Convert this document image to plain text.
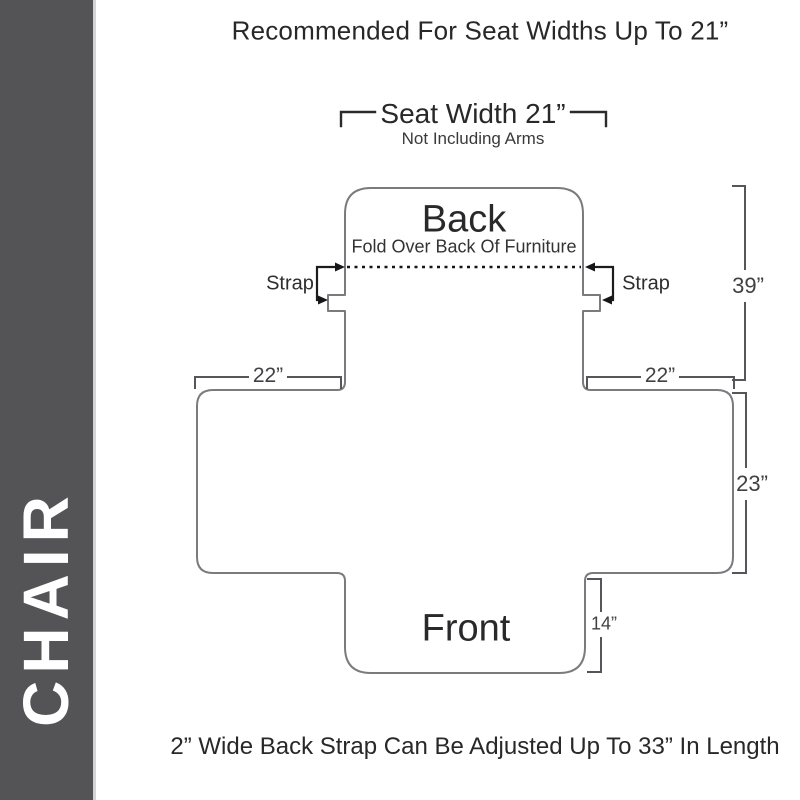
CHAIR
Recommended For Seat Widths Up To 21”
Seat Width 21”
Not Including Arms
Back
Fold Over Back Of Furniture
Front
Strap	Strap	39”
23”
14”
22”	22”
2” Wide Back Strap Can Be Adjusted Up To 33” In Length
